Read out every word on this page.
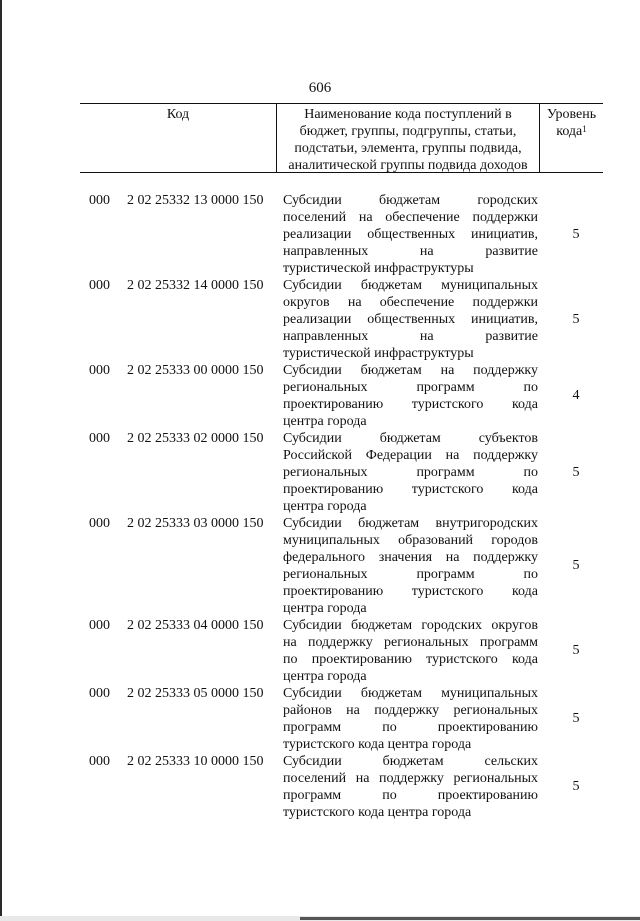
606
Код	Наименование кода поступлений в
бюджет, группы, подгруппы, статьи,
подстатьи, элемента, группы подвида,
аналитической группы подвида доходов
Уровень
кода$^1$
000 2 02 25332 13 0000 150 Субсидии бюджетам городских
поселений на обеспечение поддержки
реализации общественных инициатив,
направленных на развитие
туристической инфраструктуры
5
000 2 02 25332 14 0000 150 Субсидии бюджетам муниципальных
округов на обеспечение поддержки
реализации общественных инициатив,
направленных на развитие
туристической инфраструктуры
5
000 2 02 25333 00 0000 150 Субсидии бюджетам на поддержку
региональных программ по
проектированию туристского кода
центра города
4
000 2 02 25333 02 0000 150 Субсидии бюджетам субъектов
Российской Федерации на поддержку
региональных программ по
проектированию туристского кода
центра города
5
000 2 02 25333 03 0000 150 Субсидии бюджетам внутригородских
муниципальных образований городов
федерального значения на поддержку
региональных программ по
проектированию туристского кода
центра города
5
000 2 02 25333 04 0000 150 Субсидии бюджетам городских округов
на поддержку региональных программ
по проектированию туристского кода
центра города
5
000 2 02 25333 05 0000 150 Субсидии бюджетам муниципальных
районов на поддержку региональных
программ по проектированию
туристского кода центра города
5
000 2 02 25333 10 0000 150 Субсидии бюджетам сельских
поселений на поддержку региональных
программ по проектированию
туристского кода центра города
5
